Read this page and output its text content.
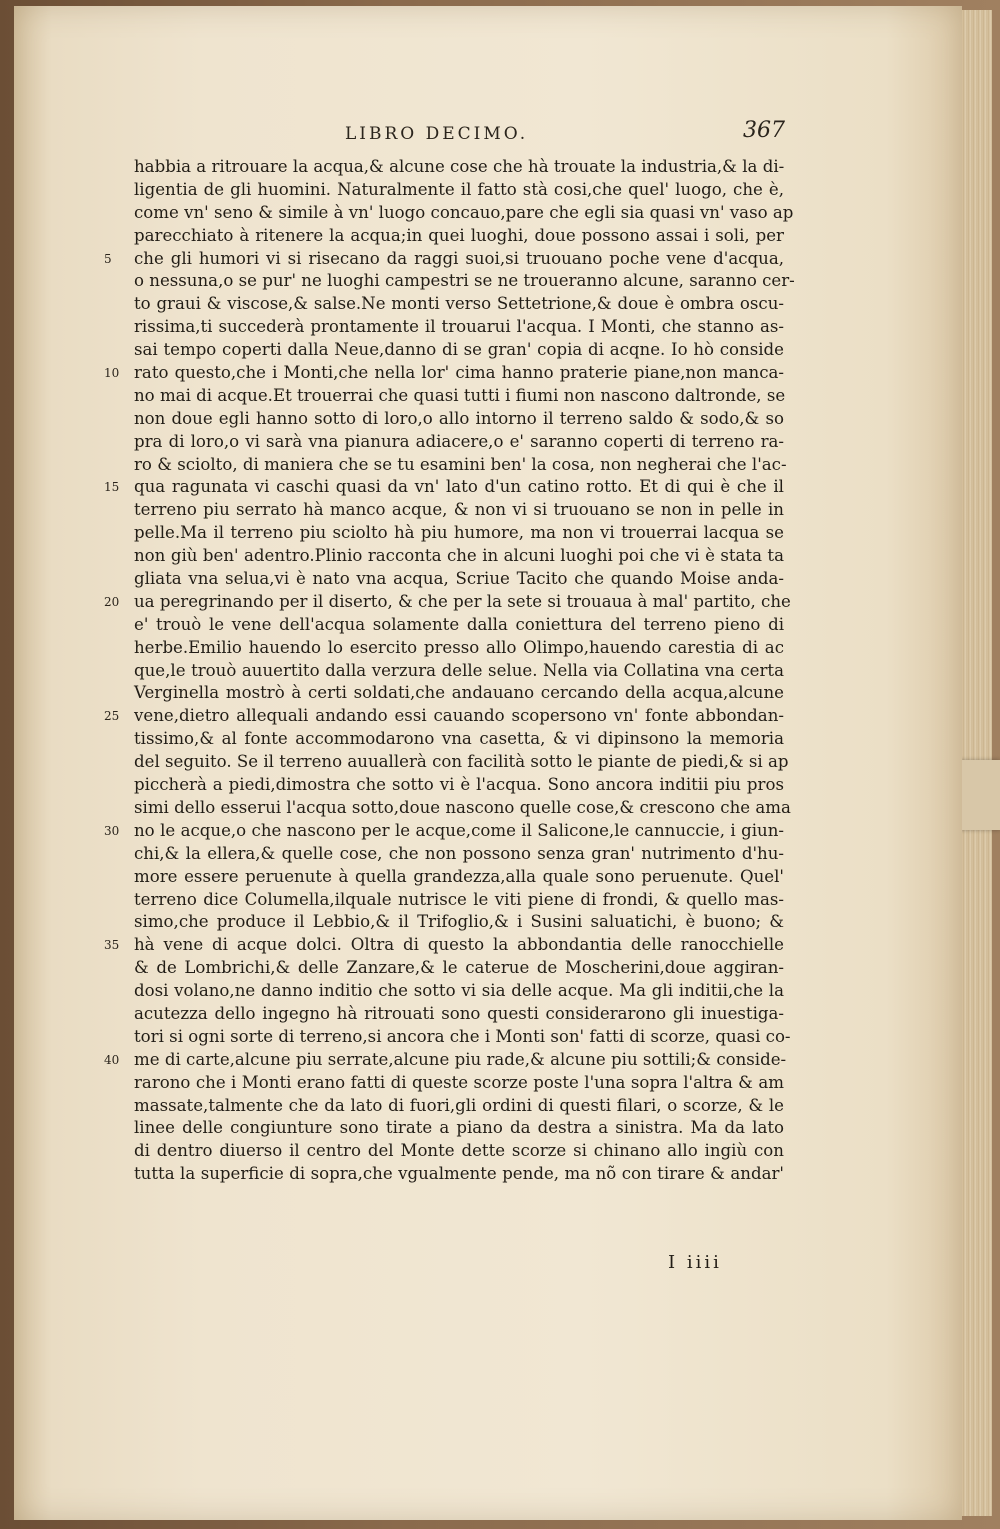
LIBRO DECIMO.	367
habbia a ritrouare la acqua,& alcune cose che hà trouate la industria,& la di-
ligentia de gli huomini. Naturalmente il fatto stà cosi,che quel' luogo, che è,
come vn' seno & simile à vn' luogo concauo,pare che egli sia quasi vn' vaso ap
parecchiato à ritenere la acqua;in quei luoghi, doue possono assai i soli, per
5	che gli humori vi si risecano da raggi suoi,si truouano poche vene d'acqua,
o nessuna,o se pur' ne luoghi campestri se ne troueranno alcune, saranno cer-
to graui & viscose,& salse.Ne monti verso Settetrione,& doue è ombra oscu-
rissima,ti succederà prontamente il trouarui l'acqua. I Monti, che stanno as-
sai tempo coperti dalla Neue,danno di se gran' copia di acqne. Io hò conside
10 rato questo,che i Monti,che nella lor' cima hanno praterie piane,non manca-
no mai di acque.Et trouerrai che quasi tutti i fiumi non nascono daltronde, se
non doue egli hanno sotto di loro,o allo intorno il terreno saldo & sodo,& so
pra di loro,o vi sarà vna pianura adiacere,o e' saranno coperti di terreno ra-
ro & sciolto, di maniera che se tu esamini ben' la cosa, non negherai che l'ac-
15 qua ragunata vi caschi quasi da vn' lato d'un catino rotto. Et di qui è che il
terreno piu serrato hà manco acque, & non vi si truouano se non in pelle in
pelle.Ma il terreno piu sciolto hà piu humore, ma non vi trouerrai lacqua se
non giù ben' adentro.Plinio racconta che in alcuni luoghi poi che vi è stata ta
gliata vna selua,vi è nato vna acqua, Scriue Tacito che quando Moise anda-
20 ua peregrinando per il diserto, & che per la sete si trouaua à mal' partito, che
e' trouò le vene dell'acqua solamente dalla coniettura del terreno pieno di
herbe.Emilio hauendo lo esercito presso allo Olimpo,hauendo carestia di ac
que,le trouò auuertito dalla verzura delle selue. Nella via Collatina vna certa
Verginella mostrò à certi soldati,che andauano cercando della acqua,alcune
25 vene,dietro allequali andando essi cauando scopersono vn' fonte abbondan-
tissimo,& al fonte accommodarono vna casetta, & vi dipinsono la memoria
del seguito. Se il terreno auuallerà con facilità sotto le piante de piedi,& si ap
piccherà a piedi,dimostra che sotto vi è l'acqua. Sono ancora inditii piu pros
simi dello esserui l'acqua sotto,doue nascono quelle cose,& crescono che ama
30 no le acque,o che nascono per le acque,come il Salicone,le cannuccie, i giun-
chi,& la ellera,& quelle cose, che non possono senza gran' nutrimento d'hu-
more essere peruenute à quella grandezza,alla quale sono peruenute. Quel'
terreno dice Columella,ilquale nutrisce le viti piene di frondi, & quello mas-
simo,che produce il Lebbio,& il Trifoglio,& i Susini saluatichi, è buono; &
35 hà vene di acque dolci. Oltra di questo la abbondantia delle ranocchielle
& de Lombrichi,& delle Zanzare,& le caterue de Moscherini,doue aggiran-
dosi volano,ne danno inditio che sotto vi sia delle acque. Ma gli inditii,che la
acutezza dello ingegno hà ritrouati sono questi considerarono gli inuestiga-
tori si ogni sorte di terreno,si ancora che i Monti son' fatti di scorze, quasi co-
40 me di carte,alcune piu serrate,alcune piu rade,& alcune piu sottili;& conside-
rarono che i Monti erano fatti di queste scorze poste l'una sopra l'altra & am
massate,talmente che da lato di fuori,gli ordini di questi filari, o scorze, & le
linee delle congiunture sono tirate a piano da destra a sinistra. Ma da lato
di dentro diuerso il centro del Monte dette scorze si chinano allo ingiù con
tutta la superficie di sopra,che vgualmente pende, ma nõ con tirare & andar'
I iiii
